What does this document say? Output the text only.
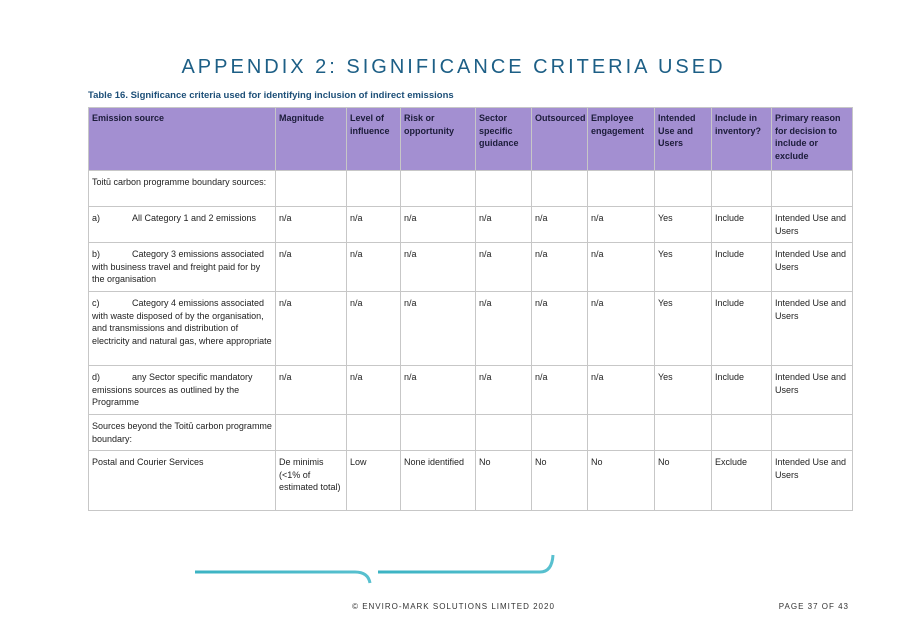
APPENDIX 2: SIGNIFICANCE CRITERIA USED
Table 16. Significance criteria used for identifying inclusion of indirect emissions
Emission source	Magnitude	Level of influence	Risk or opportunity	Sector specific guidance	Outsourced	Employee engagement	Intended Use and Users	Include in inventory?	Primary reason for decision to include or exclude
Toitū carbon programme boundary sources:									
a) All Category 1 and 2 emissions	n/a	n/a	n/a	n/a	n/a	n/a	Yes	Include	Intended Use and Users
b) Category 3 emissions associated with business travel and freight paid for by the organisation	n/a	n/a	n/a	n/a	n/a	n/a	Yes	Include	Intended Use and Users
c) Category 4 emissions associated with waste disposed of by the organisation, and transmissions and distribution of electricity and natural gas, where appropriate	n/a	n/a	n/a	n/a	n/a	n/a	Yes	Include	Intended Use and Users
d) any Sector specific mandatory emissions sources as outlined by the Programme	n/a	n/a	n/a	n/a	n/a	n/a	Yes	Include	Intended Use and Users
Sources beyond the Toitū carbon programme boundary:									
Postal and Courier Services	De minimis (<1% of estimated total)	Low	None identified	No	No	No	No	Exclude	Intended Use and Users
© ENVIRO-MARK SOLUTIONS LIMITED 2020	PAGE 37 OF 43
